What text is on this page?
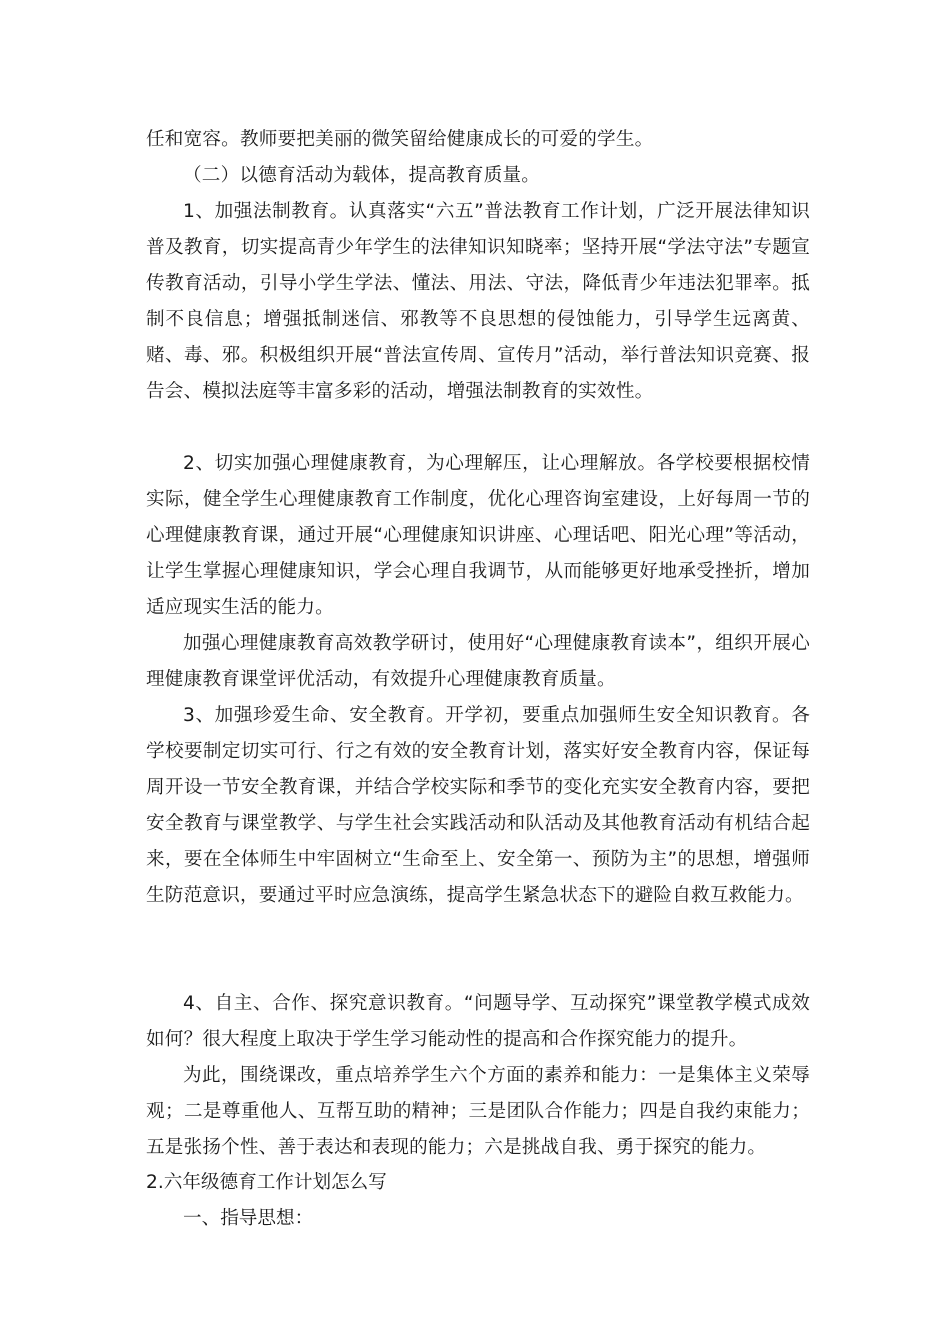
任和宽容。教师要把美丽的微笑留给健康成长的可爱的学生。

（二）以德育活动为载体，提高教育质量。

1、加强法制教育。认真落实“六五”普法教育工作计划，广泛开展法律知识普及教育，切实提高青少年学生的法律知识知晓率；坚持开展“学法守法”专题宣传教育活动，引导小学生学法、懂法、用法、守法，降低青少年违法犯罪率。抵制不良信息；增强抵制迷信、邪教等不良思想的侵蚀能力，引导学生远离黄、赌、毒、邪。积极组织开展“普法宣传周、宣传月”活动，举行普法知识竞赛、报告会、模拟法庭等丰富多彩的活动，增强法制教育的实效性。

2、切实加强心理健康教育，为心理解压，让心理解放。各学校要根据校情实际，健全学生心理健康教育工作制度，优化心理咨询室建设，上好每周一节的心理健康教育课，通过开展“心理健康知识讲座、心理话吧、阳光心理”等活动，让学生掌握心理健康知识，学会心理自我调节，从而能够更好地承受挫折，增加适应现实生活的能力。

加强心理健康教育高效教学研讨，使用好“心理健康教育读本”，组织开展心理健康教育课堂评优活动，有效提升心理健康教育质量。

3、加强珍爱生命、安全教育。开学初，要重点加强师生安全知识教育。各学校要制定切实可行、行之有效的安全教育计划，落实好安全教育内容，保证每周开设一节安全教育课，并结合学校实际和季节的变化充实安全教育内容，要把安全教育与课堂教学、与学生社会实践活动和队活动及其他教育活动有机结合起来，要在全体师生中牢固树立“生命至上、安全第一、预防为主”的思想，增强师生防范意识，要通过平时应急演练，提高学生紧急状态下的避险自救互救能力。

4、自主、合作、探究意识教育。“问题导学、互动探究”课堂教学模式成效如何？很大程度上取决于学生学习能动性的提高和合作探究能力的提升。

为此，围绕课改，重点培养学生六个方面的素养和能力：一是集体主义荣辱观；二是尊重他人、互帮互助的精神；三是团队合作能力；四是自我约束能力；五是张扬个性、善于表达和表现的能力；六是挑战自我、勇于探究的能力。

2.六年级德育工作计划怎么写

一、指导思想：
